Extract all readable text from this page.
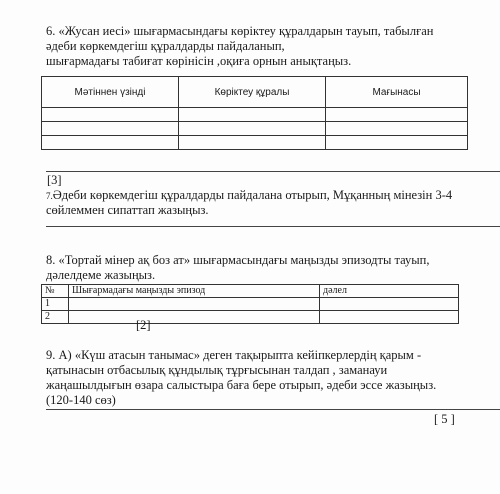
6. «Жусан иесі» шығармасындағы көріктеу құралдарын тауып, табылған
әдеби көркемдегіш құралдарды пайдаланып,
шығармадағы табиғат көрінісін ,оқиға орнын анықтаңыз.
Мәтіннен үзінді	Көріктеу құралы	Мағынасы

[3]
7.Әдеби көркемдегіш құралдарды пайдалана отырып, Мұқанның мінезін 3-4
сөйлеммен сипаттап жазыңыз.
8. «Тортай мінер ақ боз ат» шығармасындағы маңызды эпизодты тауып,
дәлелдеме жазыңыз.
№	Шығармадағы маңызды эпизод	дәлел
1		
2		
[2]
9. А) «Күш атасын танымас» деген тақырыпта кейіпкерлердің қарым -
қатынасын отбасылық құндылық тұрғысынан талдап , заманауи
жаңашылдығын өзара салыстыра баға бере отырып, әдеби эссе жазыңыз.
(120-140 сөз)
[ 5 ]
